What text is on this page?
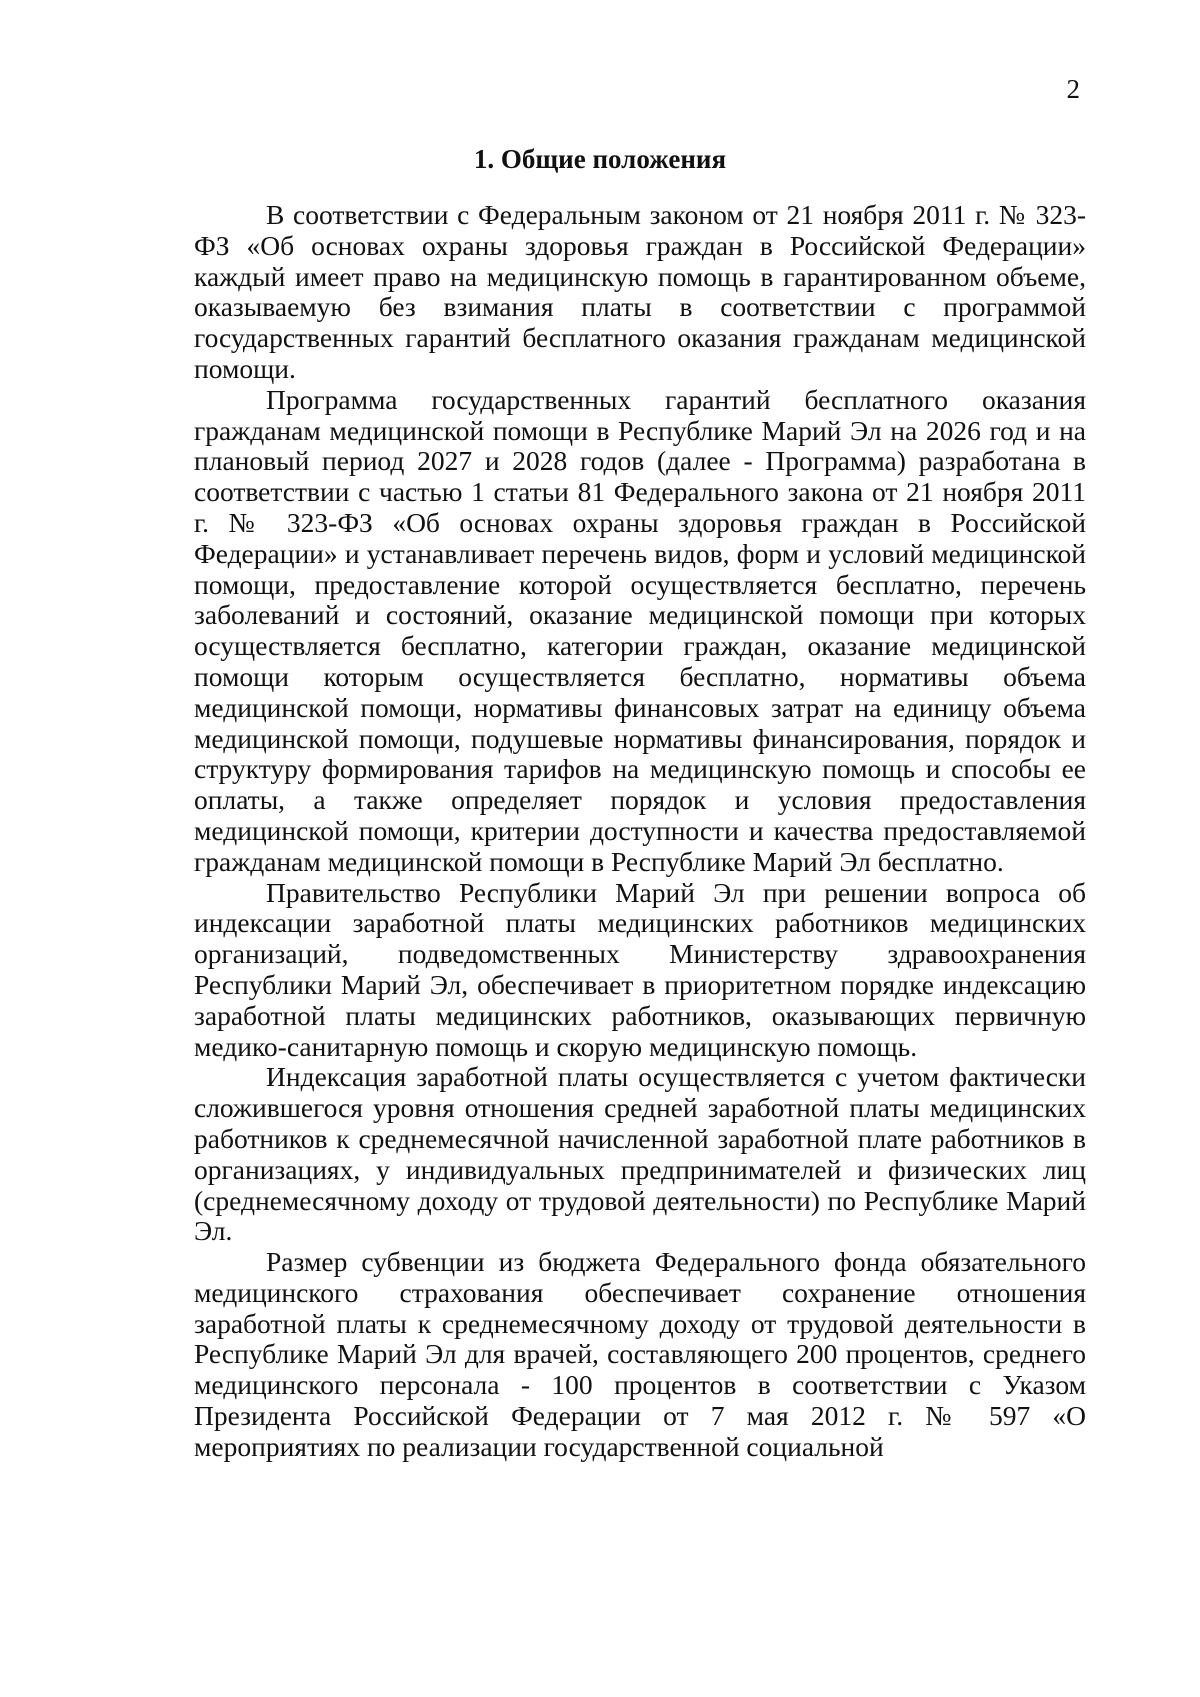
2
1. Общие положения

В соответствии с Федеральным законом от 21 ноября 2011 г. № 323-ФЗ «Об основах охраны здоровья граждан в Российской Федерации» каждый имеет право на медицинскую помощь в гарантированном объеме, оказываемую без взимания платы в соответствии с программой государственных гарантий бесплатного оказания гражданам медицинской помощи.

Программа государственных гарантий бесплатного оказания гражданам медицинской помощи в Республике Марий Эл на 2026 год и на плановый период 2027 и 2028 годов (далее - Программа) разработана в соответствии с частью 1 статьи 81 Федерального закона от 21 ноября 2011 г. № 323-ФЗ «Об основах охраны здоровья граждан в Российской Федерации» и устанавливает перечень видов, форм и условий медицинской помощи, предоставление которой осуществляется бесплатно, перечень заболеваний и состояний, оказание медицинской помощи при которых осуществляется бесплатно, категории граждан, оказание медицинской помощи которым осуществляется бесплатно, нормативы объема медицинской помощи, нормативы финансовых затрат на единицу объема медицинской помощи, подушевые нормативы финансирования, порядок и структуру формирования тарифов на медицинскую помощь и способы ее оплаты, а также определяет порядок и условия предоставления медицинской помощи, критерии доступности и качества предоставляемой гражданам медицинской помощи в Республике Марий Эл бесплатно.

Правительство Республики Марий Эл при решении вопроса об индексации заработной платы медицинских работников медицинских организаций, подведомственных Министерству здравоохранения Республики Марий Эл, обеспечивает в приоритетном порядке индексацию заработной платы медицинских работников, оказывающих первичную медико-санитарную помощь и скорую медицинскую помощь.

Индексация заработной платы осуществляется с учетом фактически сложившегося уровня отношения средней заработной платы медицинских работников к среднемесячной начисленной заработной плате работников в организациях, у индивидуальных предпринимателей и физических лиц (среднемесячному доходу от трудовой деятельности) по Республике Марий Эл.

Размер субвенции из бюджета Федерального фонда обязательного медицинского страхования обеспечивает сохранение отношения заработной платы к среднемесячному доходу от трудовой деятельности в Республике Марий Эл для врачей, составляющего 200 процентов, среднего медицинского персонала - 100 процентов в соответствии с Указом Президента Российской Федерации от 7 мая 2012 г. № 597 «О мероприятиях по реализации государственной социальной
